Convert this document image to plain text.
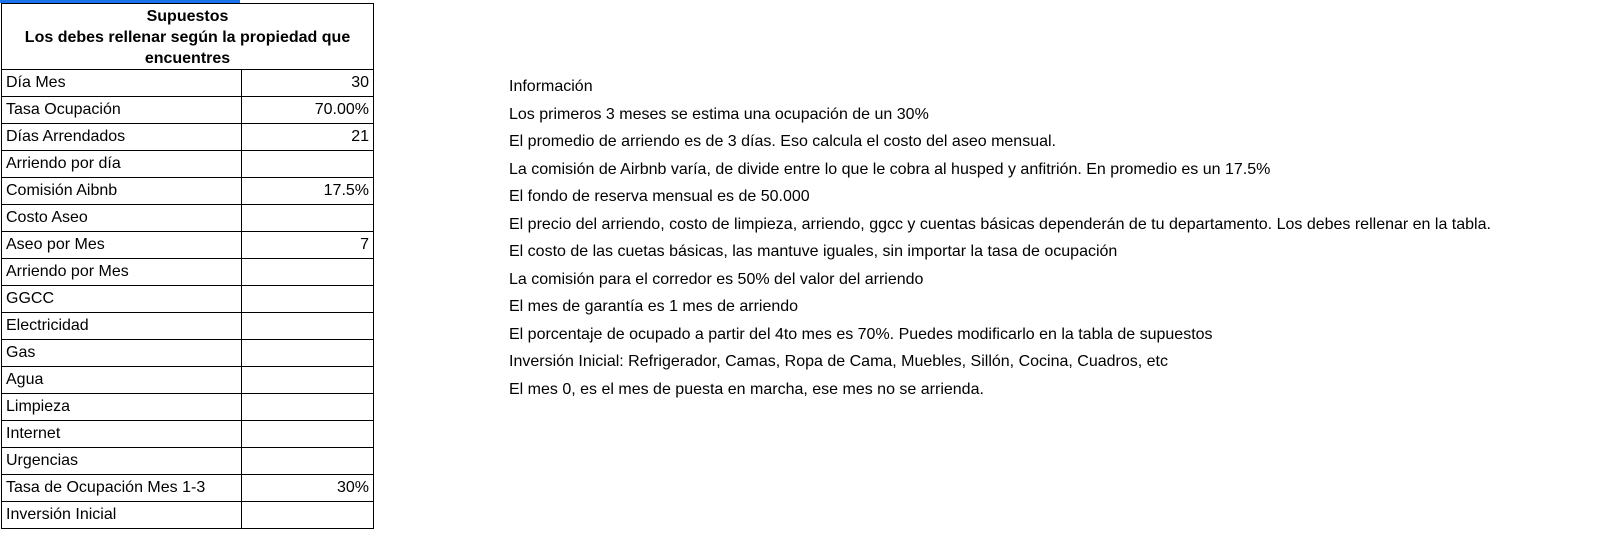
Supuestos
Los debes rellenar según la propiedad que encuentres	
Día Mes	30
Tasa Ocupación	70.00%
Días Arrendados	21
Arriendo por día	
Comisión Aibnb	17.5%
Costo Aseo	
Aseo por Mes	7
Arriendo por Mes	
GGCC	
Electricidad	
Gas	
Agua	
Limpieza	
Internet	
Urgencias	
Tasa de Ocupación Mes 1-3	30%
Inversión Inicial	
Información
Los primeros 3 meses se estima una ocupación de un 30%
El promedio de arriendo es de 3 días. Eso calcula el costo del aseo mensual.
La comisión de Airbnb varía, de divide entre lo que le cobra al husped y anfitrión. En promedio es un 17.5%
El fondo de reserva mensual es de 50.000
El precio del arriendo, costo de limpieza, arriendo, ggcc y cuentas básicas dependerán de tu departamento. Los debes rellenar en la tabla.
El costo de las cuetas básicas, las mantuve iguales, sin importar la tasa de ocupación
La comisión para el corredor es 50% del valor del arriendo
El mes de garantía es 1 mes de arriendo
El porcentaje de ocupado a partir del 4to mes es 70%. Puedes modificarlo en la tabla de supuestos
Inversión Inicial: Refrigerador, Camas, Ropa de Cama, Muebles, Sillón, Cocina, Cuadros, etc
El mes 0, es el mes de puesta en marcha, ese mes no se arrienda.
